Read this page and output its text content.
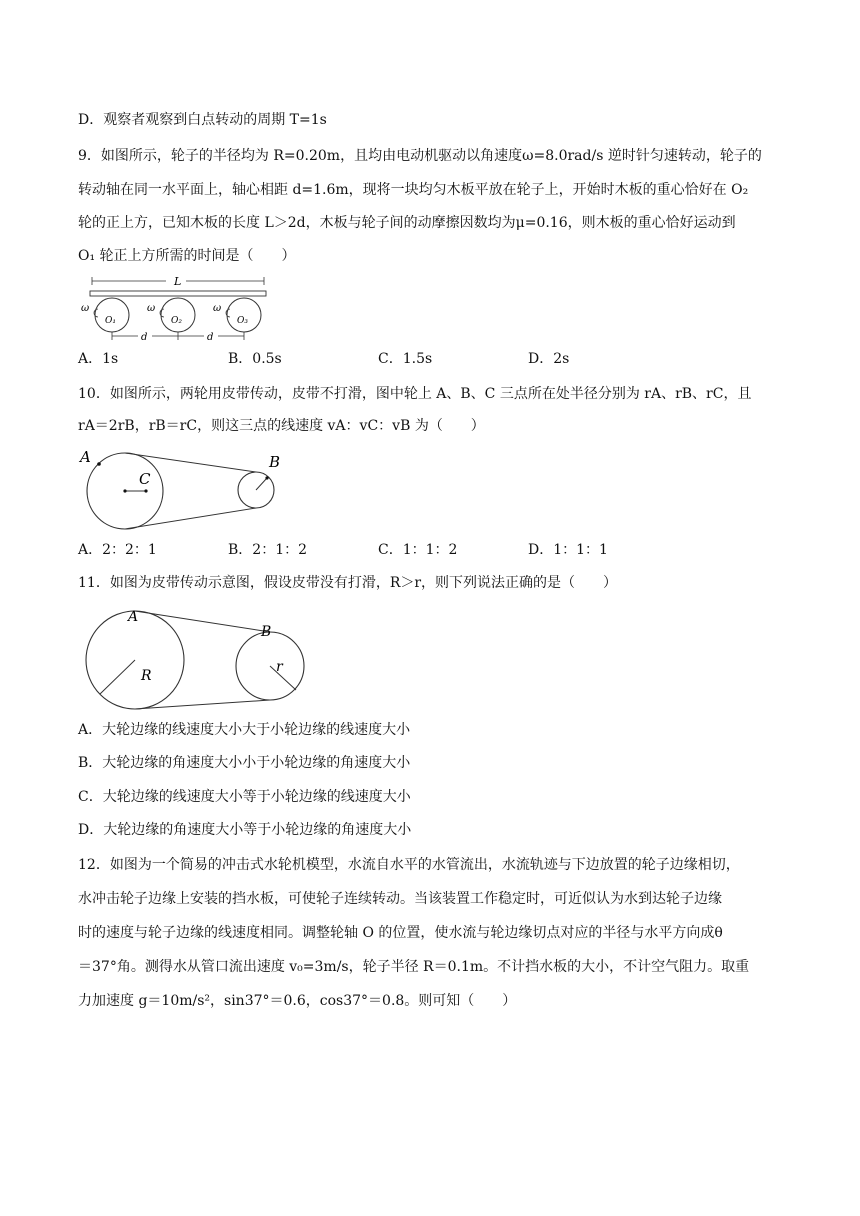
D．观察者观察到白点转动的周期 T=1s
9．如图所示，轮子的半径均为 R=0.20m，且均由电动机驱动以角速度ω=8.0rad/s 逆时针匀速转动，轮子的
转动轴在同一水平面上，轴心相距 d=1.6m，现将一块均匀木板平放在轮子上，开始时木板的重心恰好在 O₂
轮的正上方，已知木板的长度 L＞2d，木板与轮子间的动摩擦因数均为μ=0.16，则木板的重心恰好运动到
O₁ 轮正上方所需的时间是（　　）
L
ω	ω	ω
O₁	O₂	O₃
d	d
A．1s	B．0.5s	C．1.5s	D．2s
10．如图所示，两轮用皮带传动，皮带不打滑，图中轮上 A、B、C 三点所在处半径分别为 rA、rB、rC，且
rA＝2rB，rB＝rC，则这三点的线速度 vA：vC：vB 为（　　）
A
C
B
A．2：2：1	B．2：1：2	C．1：1：2	D．1：1：1
11．如图为皮带传动示意图，假设皮带没有打滑，R＞r，则下列说法正确的是（　　）
A
B
R
r
A．大轮边缘的线速度大小大于小轮边缘的线速度大小
B．大轮边缘的角速度大小小于小轮边缘的角速度大小
C．大轮边缘的线速度大小等于小轮边缘的线速度大小
D．大轮边缘的角速度大小等于小轮边缘的角速度大小
12．如图为一个简易的冲击式水轮机模型，水流自水平的水管流出，水流轨迹与下边放置的轮子边缘相切，
水冲击轮子边缘上安装的挡水板，可使轮子连续转动。当该装置工作稳定时，可近似认为水到达轮子边缘
时的速度与轮子边缘的线速度相同。调整轮轴 O 的位置，使水流与轮边缘切点对应的半径与水平方向成θ
＝37°角。测得水从管口流出速度 v₀=3m/s，轮子半径 R＝0.1m。不计挡水板的大小，不计空气阻力。取重
力加速度 g＝10m/s²，sin37°＝0.6，cos37°＝0.8。则可知（　　）
